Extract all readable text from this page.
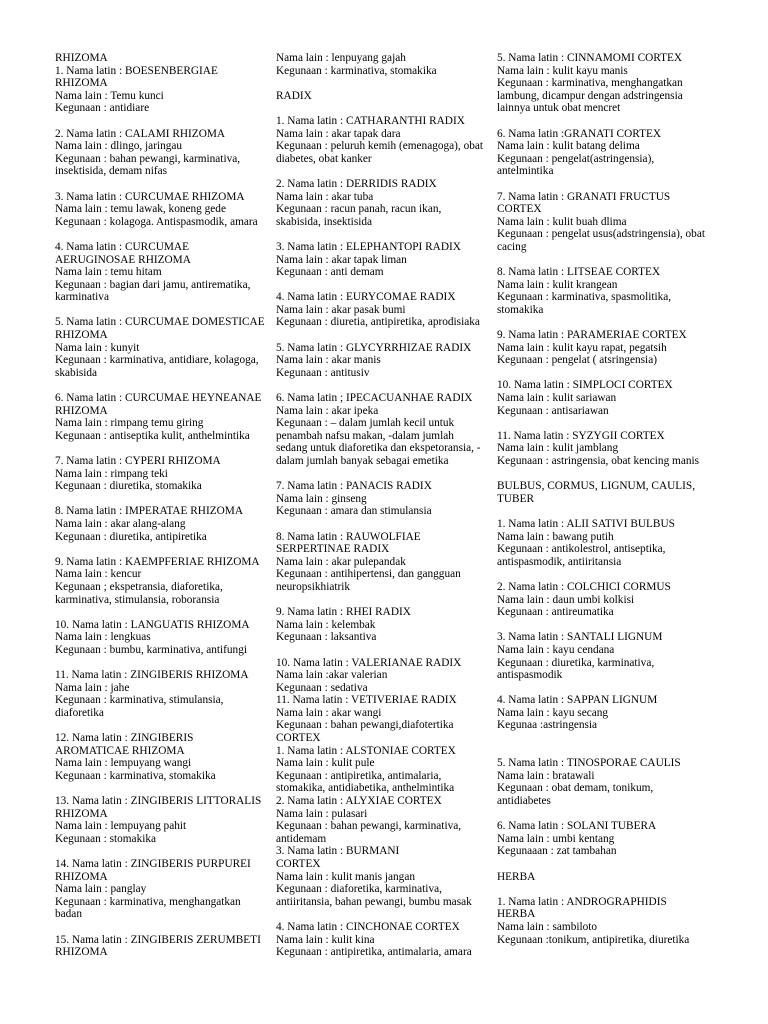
RHIZOMA
1. Nama latin : BOESENBERGIAE
RHIZOMA
Nama lain : Temu kunci
Kegunaan : antidiare
2. Nama latin : CALAMI RHIZOMA
Nama lain : dlingo, jaringau
Kegunaan : bahan pewangi, karminativa,
insektisida, demam nifas
3. Nama latin : CURCUMAE RHIZOMA
Nama lain : temu lawak, koneng gede
Kegunaan : kolagoga. Antispasmodik, amara
4. Nama latin : CURCUMAE
AERUGINOSAE RHIZOMA
Nama lain : temu hitam
Kegunaan : bagian dari jamu, antirematika,
karminativa
5. Nama latin : CURCUMAE DOMESTICAE
RHIZOMA
Nama lain : kunyit
Kegunaan : karminativa, antidiare, kolagoga,
skabisida
6. Nama latin : CURCUMAE HEYNEANAE
RHIZOMA
Nama lain : rimpang temu giring
Kegunaan : antiseptika kulit, anthelmintika
7. Nama latin : CYPERI RHIZOMA
Nama lain : rimpang teki
Kegunaan : diuretika, stomakika
8. Nama latin : IMPERATAE RHIZOMA
Nama lain : akar alang-alang
Kegunaan : diuretika, antipiretika
9. Nama latin : KAEMPFERIAE RHIZOMA
Nama lain : kencur
Kegunaan ; ekspetransia, diaforetika,
karminativa, stimulansia, roboransia
10. Nama latin : LANGUATIS RHIZOMA
Nama lain : lengkuas
Kegunaan : bumbu, karminativa, antifungi
11. Nama latin : ZINGIBERIS RHIZOMA
Nama lain : jahe
Kegunaan : karminativa, stimulansia,
diaforetika
12. Nama latin : ZINGIBERIS
AROMATICAE RHIZOMA
Nama lain : lempuyang wangi
Kegunaan : karminativa, stomakika
13. Nama latin : ZINGIBERIS LITTORALIS
RHIZOMA
Nama lain : lempuyang pahit
Kegunaan : stomakika
14. Nama latin : ZINGIBERIS PURPUREI
RHIZOMA
Nama lain : panglay
Kegunaan : karminativa, menghangatkan
badan
15. Nama latin : ZINGIBERIS ZERUMBETI
RHIZOMA
Nama lain : lenpuyang gajah
Kegunaan : karminativa, stomakika
RADIX
1. Nama latin : CATHARANTHI RADIX
Nama lain : akar tapak dara
Kegunaan : peluruh kemih (emenagoga), obat
diabetes, obat kanker
2. Nama latin : DERRIDIS RADIX
Nama lain : akar tuba
Kegunaan : racun panah, racun ikan,
skabisida, insektisida
3. Nama latin : ELEPHANTOPI RADIX
Nama lain : akar tapak liman
Kegunaan : anti demam
4. Nama latin : EURYCOMAE RADIX
Nama lain : akar pasak bumi
Kegunaan : diuretia, antipiretika, aprodisiaka
5. Nama latin : GLYCYRRHIZAE RADIX
Nama lain : akar manis
Kegunaan : antitusiv
6. Nama latin ; IPECACUANHAE RADIX
Nama lain : akar ipeka
Kegunaan : – dalam jumlah kecil untuk
penambah nafsu makan, -dalam jumlah
sedang untuk diaforetika dan ekspetoransia, -
dalam jumlah banyak sebagai emetika
7. Nama latin : PANACIS RADIX
Nama lain : ginseng
Kegunaan : amara dan stimulansia
8. Nama latin : RAUWOLFIAE
SERPERTINAE RADIX
Nama lain : akar pulepandak
Kegunaan : antihipertensi, dan gangguan
neuropsikhiatrik
9. Nama latin : RHEI RADIX
Nama lain : kelembak
Kegunaan : laksantiva
10. Nama latin : VALERIANAE RADIX
Nama lain :akar valerian
Kegunaan : sedativa
11. Nama latin : VETIVERIAE RADIX
Nama lain : akar wangi
Kegunaan : bahan pewangi,diafotertika
CORTEX
1. Nama latin : ALSTONIAE CORTEX
Nama lain : kulit pule
Kegunaan : antipiretika, antimalaria,
stomakika, antidiabetika, anthelmintika
2. Nama latin : ALYXIAE CORTEX
Nama lain : pulasari
Kegunaan : bahan pewangi, karminativa,
antidemam
3. Nama latin : BURMANI
CORTEX
Nama lain : kulit manis jangan
Kegunaan : diaforetika, karminativa,
antiiritansia, bahan pewangi, bumbu masak
4. Nama latin : CINCHONAE CORTEX
Nama lain : kulit kina
Kegunaan : antipiretika, antimalaria, amara
5. Nama latin : CINNAMOMI CORTEX
Nama lain : kulit kayu manis
Kegunaan : karminativa, menghangatkan
lambung, dicampur dengan adstringensia
lainnya untuk obat mencret
6. Nama latin :GRANATI CORTEX
Nama lain : kulit batang delima
Kegunaan : pengelat(astringensia),
antelmintika
7. Nama latin : GRANATI FRUCTUS
CORTEX
Nama lain : kulit buah dlima
Kegunaan : pengelat usus(adstringensia), obat
cacing
8. Nama latin : LITSEAE CORTEX
Nama lain : kulit krangean
Kegunaan : karminativa, spasmolitika,
stomakika
9. Nama latin : PARAMERIAE CORTEX
Nama lain : kulit kayu rapat, pegatsih
Kegunaan : pengelat ( atsringensia)
10. Nama latin : SIMPLOCI CORTEX
Nama lain : kulit sariawan
Kegunaan : antisariawan
11. Nama latin : SYZYGII CORTEX
Nama lain : kulit jamblang
Kegunaan : astringensia, obat kencing manis
BULBUS, CORMUS, LIGNUM, CAULIS,
TUBER
1. Nama latin : ALII SATIVI BULBUS
Nama lain : bawang putih
Kegunaan : antikolestrol, antiseptika,
antispasmodik, antiiritansia
2. Nama latin : COLCHICI CORMUS
Nama lain : daun umbi kolkisi
Kegunaan : antireumatika
3. Nama latin : SANTALI LIGNUM
Nama lain : kayu cendana
Kegunaan : diuretika, karminativa,
antispasmodik
4. Nama latin : SAPPAN LIGNUM
Nama lain : kayu secang
Kegunaa :astringensia
5. Nama latin : TINOSPORAE CAULIS
Nama lain : bratawali
Kegunaan : obat demam, tonikum,
antidiabetes
6. Nama latin : SOLANI TUBERA
Nama lain : umbi kentang
Kegunaaan : zat tambahan
HERBA
1. Nama latin : ANDROGRAPHIDIS
HERBA
Nama lain : sambiloto
Kegunaan :tonikum, antipiretika, diuretika
